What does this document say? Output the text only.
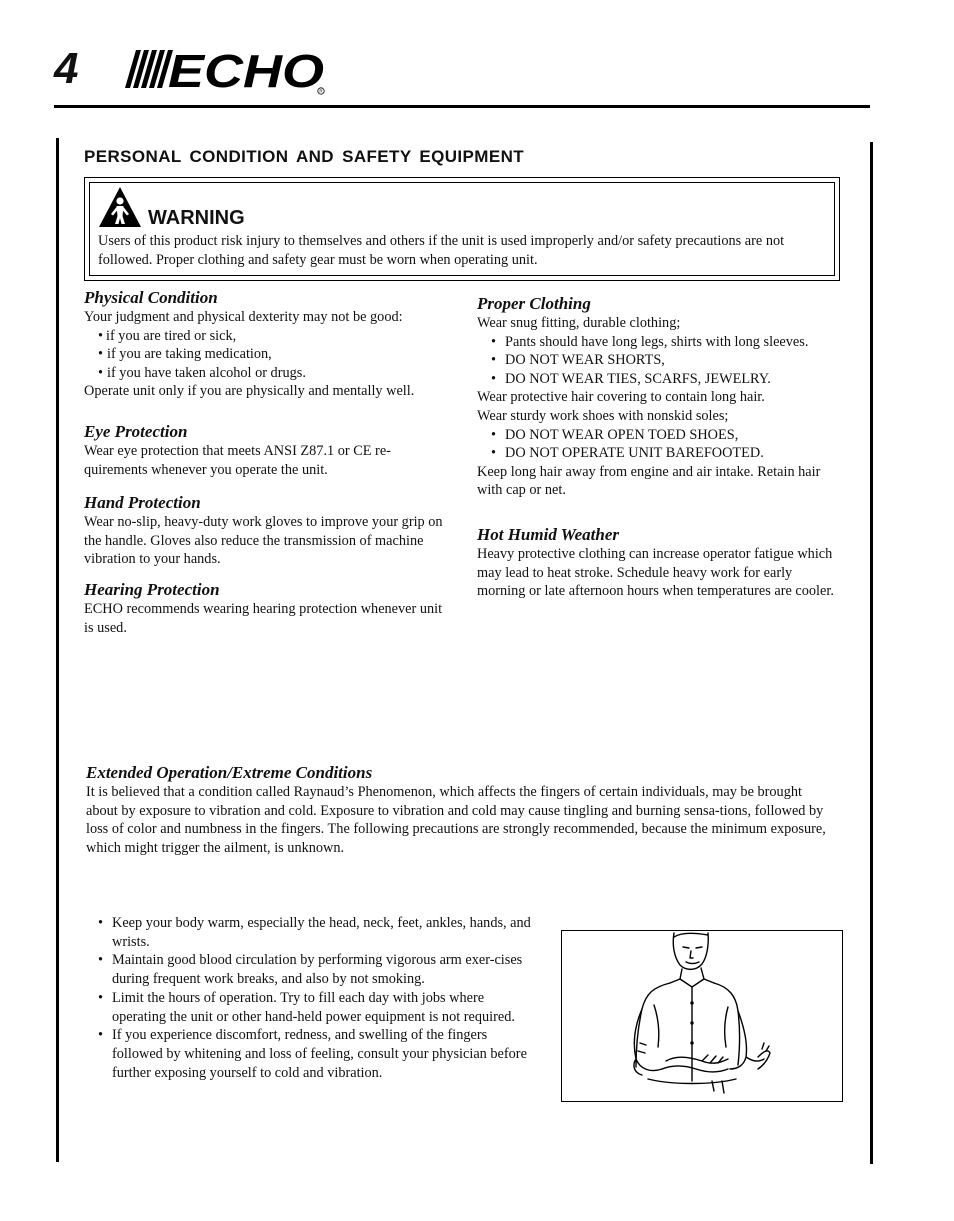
4 ECHO
R
PERSONAL CONDITION AND SAFETY EQUIPMENT
WARNING
Users of this product risk injury to themselves and others if the unit is used improperly and/or safety precautions are not followed. Proper clothing and safety gear must be worn when operating unit.
Physical Condition

Your judgment and physical dexterity may not be good:

• if you are tired or sick,
• if you are taking medication,
• if you have taken alcohol or drugs.

Operate unit only if you are physically and mentally well.

Eye Protection

Wear eye protection that meets ANSI Z87.1 or CE re-quirements whenever you operate the unit.

Hand Protection

Wear no-slip, heavy-duty work gloves to improve your grip on the handle. Gloves also reduce the transmission of machine vibration to your hands.

Hearing Protection

ECHO recommends wearing hearing protection whenever unit is used.

Proper Clothing

Wear snug fitting, durable clothing;

• Pants should have long legs, shirts with long sleeves.
• DO NOT WEAR SHORTS,
• DO NOT WEAR TIES, SCARFS, JEWELRY.

Wear protective hair covering to contain long hair.

Wear sturdy work shoes with nonskid soles;

• DO NOT WEAR OPEN TOED SHOES,
• DO NOT OPERATE UNIT BAREFOOTED.

Keep long hair away from engine and air intake. Retain hair with cap or net.

Hot Humid Weather

Heavy protective clothing can increase operator fatigue which may lead to heat stroke. Schedule heavy work for early morning or late afternoon hours when temperatures are cooler.

Extended Operation/Extreme Conditions

It is believed that a condition called Raynaud’s Phenomenon, which affects the fingers of certain individuals, may be brought about by exposure to vibration and cold. Exposure to vibration and cold may cause tingling and burning sensa-tions, followed by loss of color and numbness in the fingers. The following precautions are strongly recommended, because the minimum exposure, which might trigger the ailment, is unknown.

• Keep your body warm, especially the head, neck, feet, ankles, hands, and wrists.
• Maintain good blood circulation by performing vigorous arm exer-cises during frequent work breaks, and also by not smoking.
• Limit the hours of operation. Try to fill each day with jobs where operating the unit or other hand-held power equipment is not required.
• If you experience discomfort, redness, and swelling of the fingers followed by whitening and loss of feeling, consult your physician before further exposing yourself to cold and vibration.
